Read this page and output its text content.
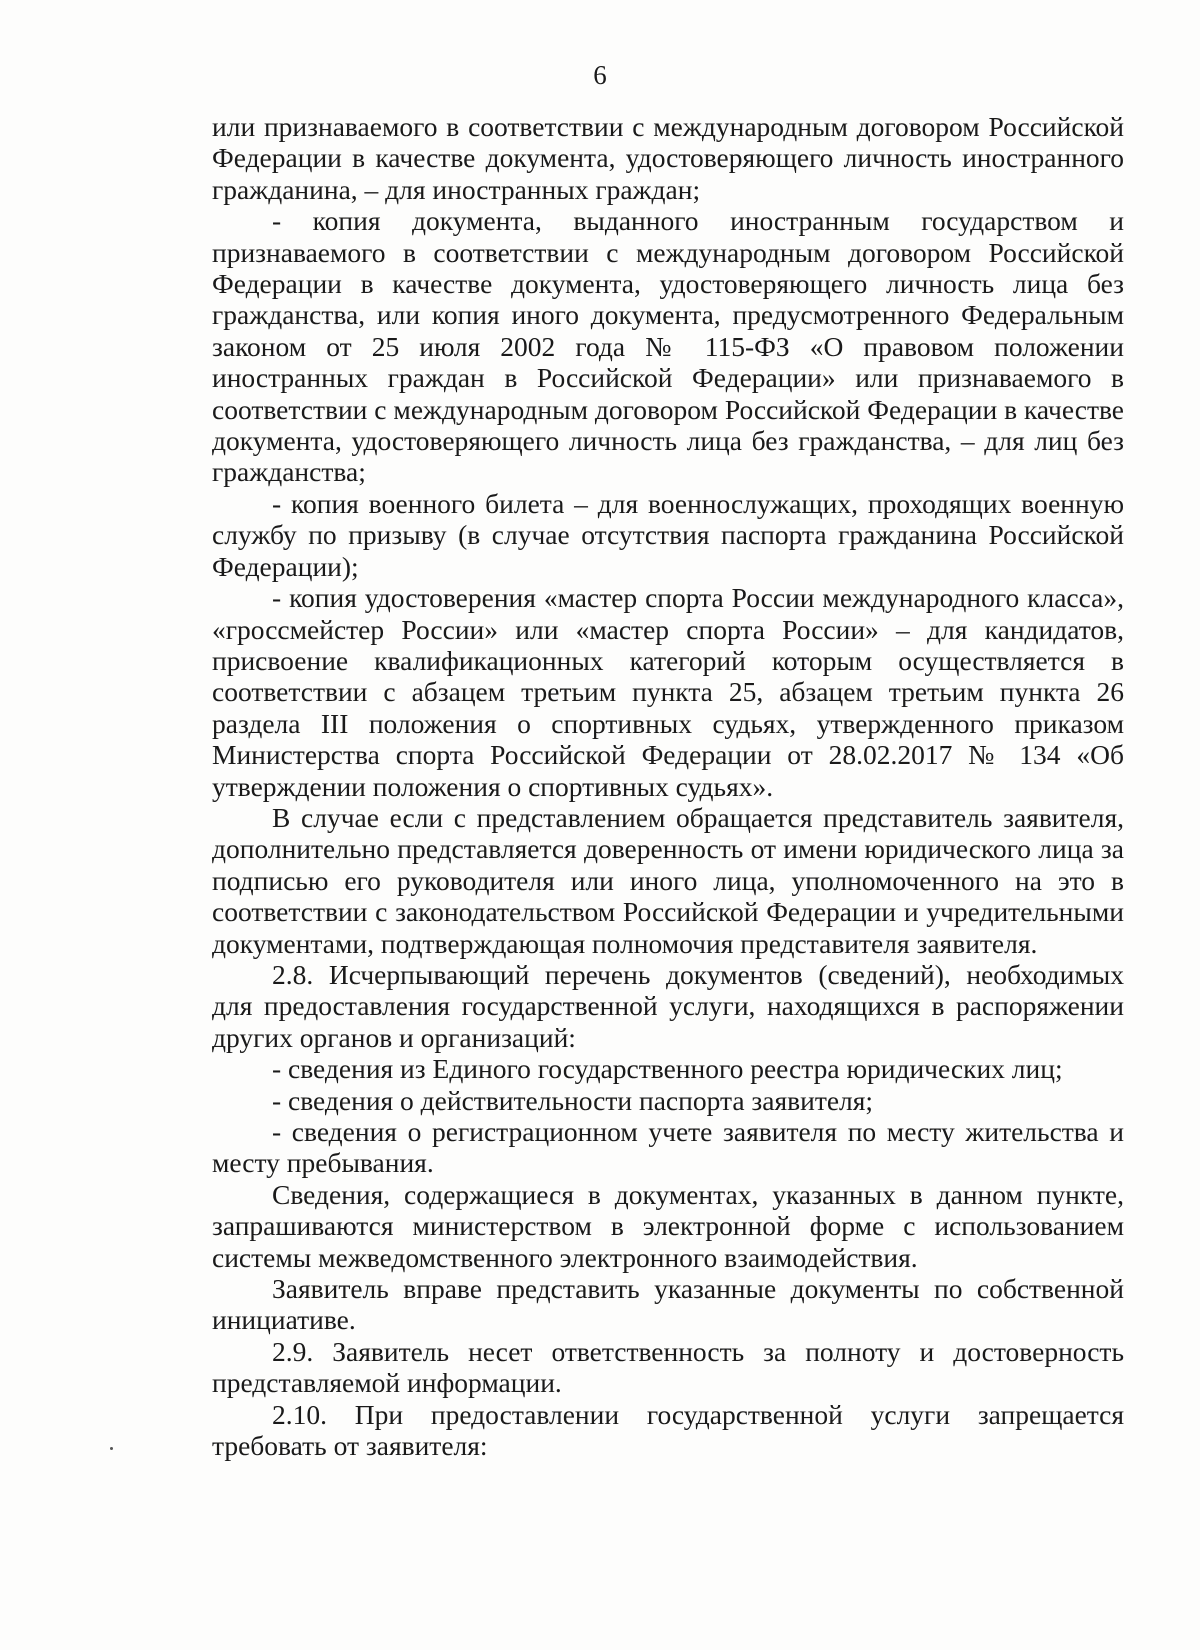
6

или признаваемого в соответствии с международным договором Российской Федерации в качестве документа, удостоверяющего личность иностранного гражданина, – для иностранных граждан;

- копия документа, выданного иностранным государством и признаваемого в соответствии с международным договором Российской Федерации в качестве документа, удостоверяющего личность лица без гражданства, или копия иного документа, предусмотренного Федеральным законом от 25 июля 2002 года № 115-ФЗ «О правовом положении иностранных граждан в Российской Федерации» или признаваемого в соответствии с международным договором Российской Федерации в качестве документа, удостоверяющего личность лица без гражданства, – для лиц без гражданства;

- копия военного билета – для военнослужащих, проходящих военную службу по призыву (в случае отсутствия паспорта гражданина Российской Федерации);

- копия удостоверения «мастер спорта России международного класса», «гроссмейстер России» или «мастер спорта России» – для кандидатов, присвоение квалификационных категорий которым осуществляется в соответствии с абзацем третьим пункта 25, абзацем третьим пункта 26 раздела III положения о спортивных судьях, утвержденного приказом Министерства спорта Российской Федерации от 28.02.2017 № 134 «Об утверждении положения о спортивных судьях».

В случае если с представлением обращается представитель заявителя, дополнительно представляется доверенность от имени юридического лица за подписью его руководителя или иного лица, уполномоченного на это в соответствии с законодательством Российской Федерации и учредительными документами, подтверждающая полномочия представителя заявителя.

2.8. Исчерпывающий перечень документов (сведений), необходимых для предоставления государственной услуги, находящихся в распоряжении других органов и организаций:

- сведения из Единого государственного реестра юридических лиц;

- сведения о действительности паспорта заявителя;

- сведения о регистрационном учете заявителя по месту жительства и месту пребывания.

Сведения, содержащиеся в документах, указанных в данном пункте, запрашиваются министерством в электронной форме с использованием системы межведомственного электронного взаимодействия.

Заявитель вправе представить указанные документы по собственной инициативе.

2.9. Заявитель несет ответственность за полноту и достоверность представляемой информации.

2.10. При предоставлении государственной услуги запрещается требовать от заявителя:
